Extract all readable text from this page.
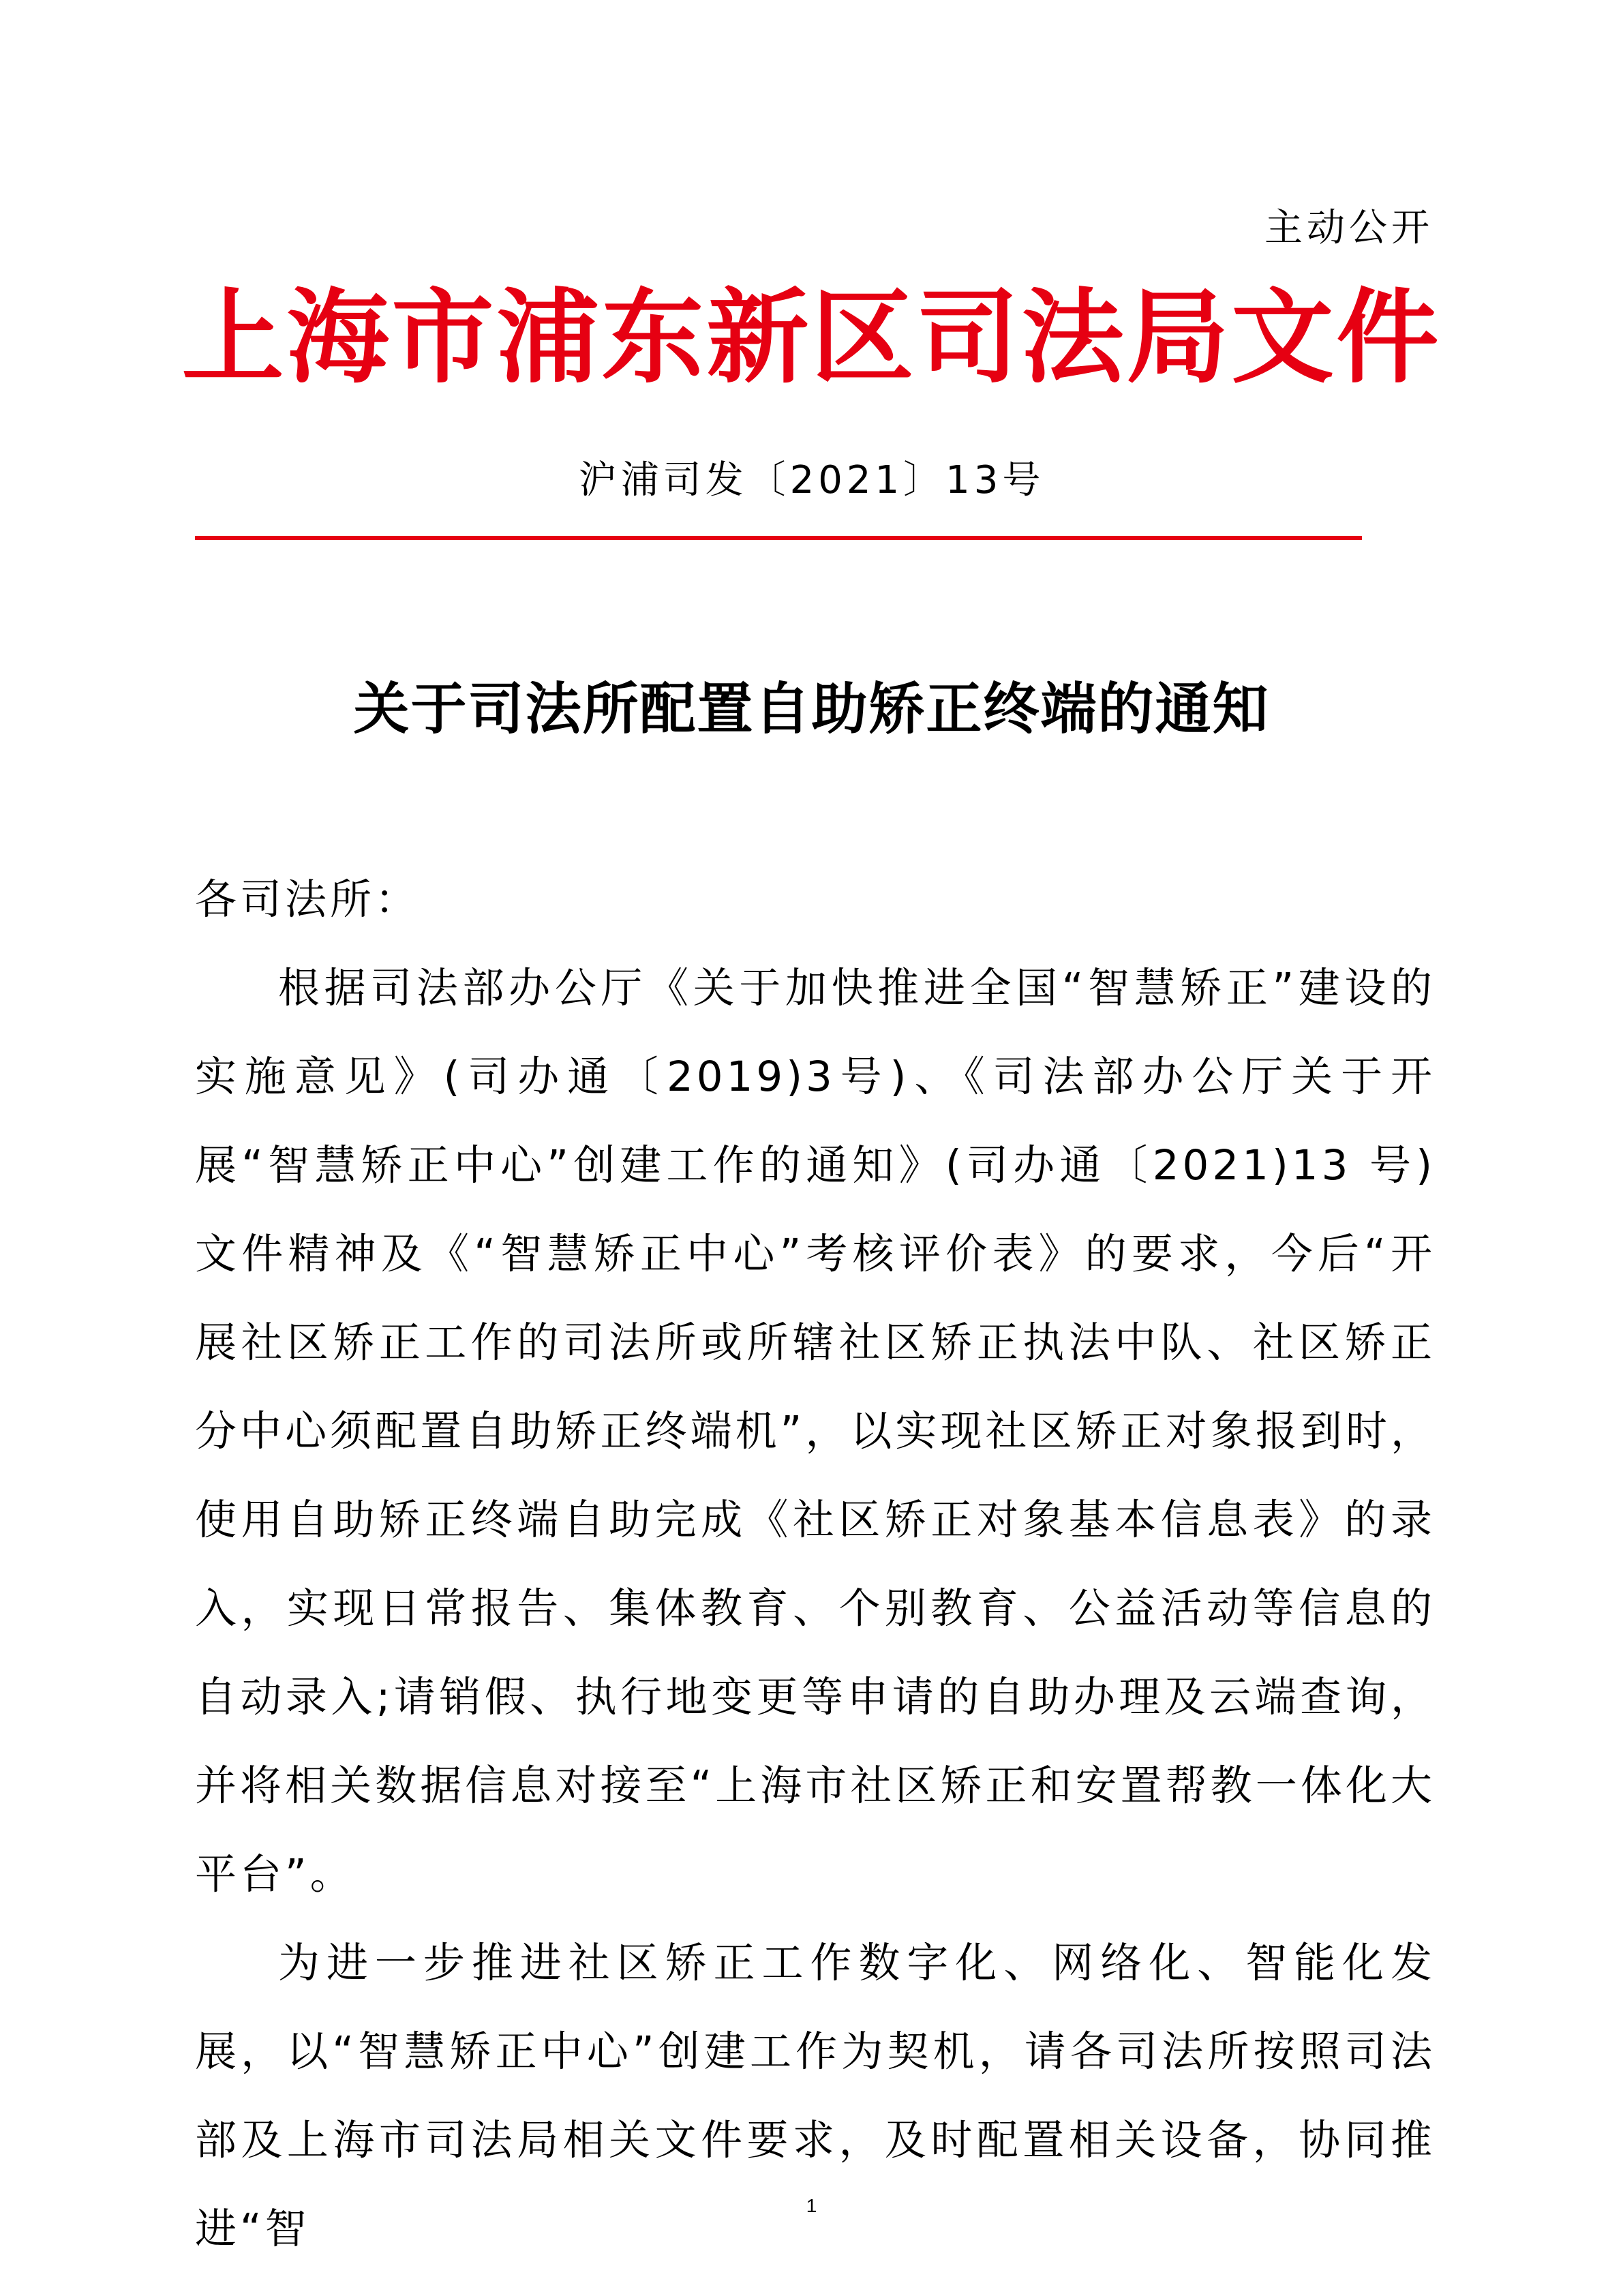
主动公开
上海市浦东新区司法局文件
沪浦司发〔2021〕13号
关于司法所配置自助矫正终端的通知

各司法所：

根据司法部办公厅《关于加快推进全国“智慧矫正”建设的实施意见》(司办通〔2019)3号)、《司法部办公厅关于开展“智慧矫正中心”创建工作的通知》(司办通〔2021)13 号)文件精神及《“智慧矫正中心”考核评价表》的要求，今后“开展社区矫正工作的司法所或所辖社区矫正执法中队、社区矫正分中心须配置自助矫正终端机”，以实现社区矫正对象报到时，使用自助矫正终端自助完成《社区矫正对象基本信息表》的录入，实现日常报告、集体教育、个别教育、公益活动等信息的自动录入;请销假、执行地变更等申请的自助办理及云端查询，并将相关数据信息对接至“上海市社区矫正和安置帮教一体化大平台”。

为进一步推进社区矫正工作数字化、网络化、智能化发展，以“智慧矫正中心”创建工作为契机，请各司法所按照司法部及上海市司法局相关文件要求，及时配置相关设备，协同推进“智	1
